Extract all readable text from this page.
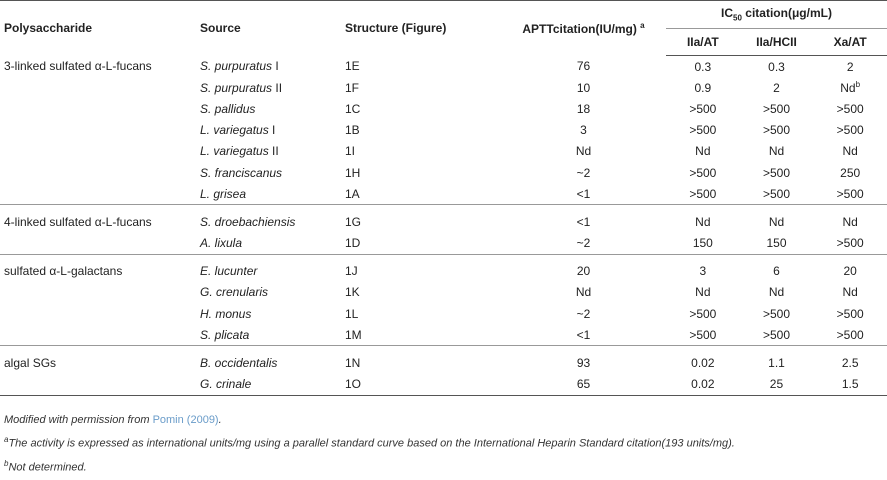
Polysaccharide	Source	Structure (Figure)	APTTcitation(IU/mg) $^a$	$IC_{50}$ citation(μg/mL)		
				IIa/AT	IIa/HCII	Xa/AT
3-linked sulfated α-L-fucans	S. purpuratus I	1E	76	0.3	0.3	2
	S. purpuratus II	1F	10	0.9	2	Nd$^b$
	S. pallidus	1C	18	>500	>500	>500
	L. variegatus I	1B	3	>500	>500	>500
	L. variegatus II	1I	Nd	Nd	Nd	Nd
	S. franciscanus	1H	~2	>500	>500	250
	L. grisea	1A	<1	>500	>500	>500
4-linked sulfated α-L-fucans	S. droebachiensis	1G	<1	Nd	Nd	Nd
	A. lixula	1D	~2	150	150	>500
sulfated α-L-galactans	E. lucunter	1J	20	3	6	20
	G. crenularis	1K	Nd	Nd	Nd	Nd
	H. monus	1L	~2	>500	>500	>500
	S. plicata	1M	<1	>500	>500	>500
algal SGs	B. occidentalis	1N	93	0.02	1.1	2.5
	G. crinale	1O	65	0.02	25	1.5
Modified with permission from Pomin (2009).
$^a$The activity is expressed as international units/mg using a parallel standard curve based on the International Heparin Standard citation(193 units/mg).
$^b$Not determined.
